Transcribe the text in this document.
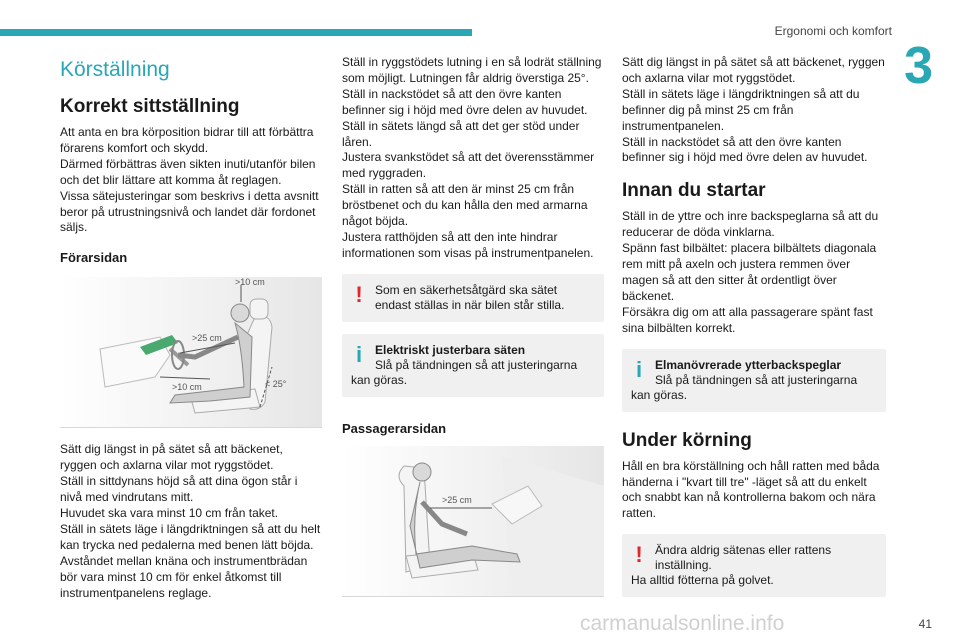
Ergonomi och komfort
3
Körställning
Korrekt sittställning

Att anta en bra körposition bidrar till att förbättra förarens komfort och skydd.
Därmed förbättras även sikten inuti/utanför bilen och det blir lättare att komma åt reglagen.
Vissa sätejusteringar som beskrivs i detta avsnitt beror på utrustningsnivå och landet där fordonet säljs.

Förarsidan
>10 cm
>25 cm
>10 cm	< 25°

Sätt dig längst in på sätet så att bäckenet, ryggen och axlarna vilar mot ryggstödet.
Ställ in sittdynans höjd så att dina ögon står i nivå med vindrutans mitt.
Huvudet ska vara minst 10 cm från taket.
Ställ in sätets läge i längdriktningen så att du helt kan trycka ned pedalerna med benen lätt böjda.
Avståndet mellan knäna och instrumentbrädan bör vara minst 10 cm för enkel åtkomst till instrumentpanelens reglage.

Ställ in ryggstödets lutning i en så lodrät ställning som möjligt. Lutningen får aldrig överstiga 25°.
Ställ in nackstödet så att den övre kanten befinner sig i höjd med övre delen av huvudet.
Ställ in sätets längd så att det ger stöd under låren.
Justera svankstödet så att det överensstämmer med ryggraden.
Ställ in ratten så att den är minst 25 cm från bröstbenet och du kan hålla den med armarna något böjda.
Justera ratthöjden så att den inte hindrar informationen som visas på instrumentpanelen.

! Som en säkerhetsåtgärd ska sätet endast ställas in när bilen står stilla.
i	Elektriskt justerbara säten
Slå på tändningen så att justeringarna
kan göras.
Passagerarsidan
>25 cm

Sätt dig längst in på sätet så att bäckenet, ryggen och axlarna vilar mot ryggstödet.
Ställ in sätets läge i längdriktningen så att du befinner dig på minst 25 cm från instrumentpanelen.
Ställ in nackstödet så att den övre kanten befinner sig i höjd med övre delen av huvudet.

Innan du startar

Ställ in de yttre och inre backspeglarna så att du reducerar de döda vinklarna.
Spänn fast bilbältet: placera bilbältets diagonala rem mitt på axeln och justera remmen över magen så att den sitter åt ordentligt över bäckenet.
Försäkra dig om att alla passagerare spänt fast sina bilbälten korrekt.

i	Elmanövrerade ytterbackspeglar
Slå på tändningen så att justeringarna
kan göras.
Under körning

Håll en bra körställning och håll ratten med båda händerna i "kvart till tre" -läget så att du enkelt och snabbt kan nå kontrollerna bakom och nära ratten.

! Ändra aldrig sätenas eller rattens inställning.
Ha alltid fötterna på golvet.
carmanualsonline.info	41
